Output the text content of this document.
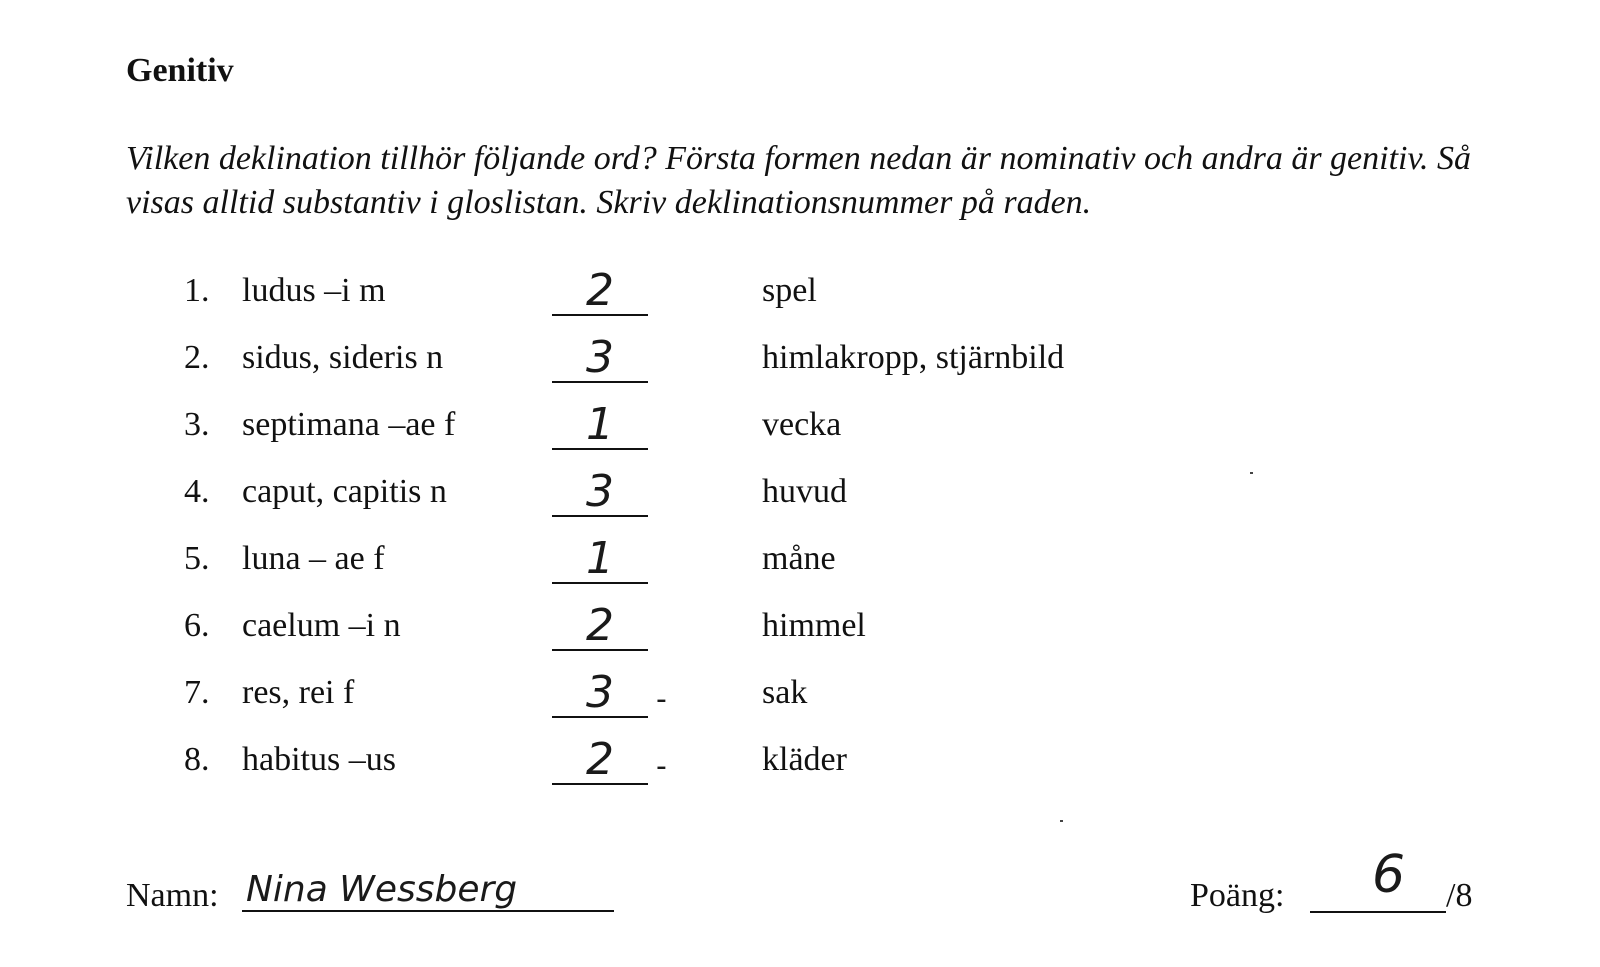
Genitiv

Vilken deklination tillhör följande ord? Första formen nedan är nominativ och andra är genitiv. Så visas alltid substantiv i gloslistan. Skriv deklinationsnummer på raden.

1. ludus –i m	2	spel
2. sidus, sideris n	3	himlakropp, stjärnbild
3. septimana –ae f	1	vecka
4. caput, capitis n	3	huvud
5. luna – ae f	1	måne
6. caelum –i n	2	himmel
7. res, rei f	3	-	sak
8. habitus –us	2	-	kläder
Namn: Nina Wessberg	Poäng: 6 /8
